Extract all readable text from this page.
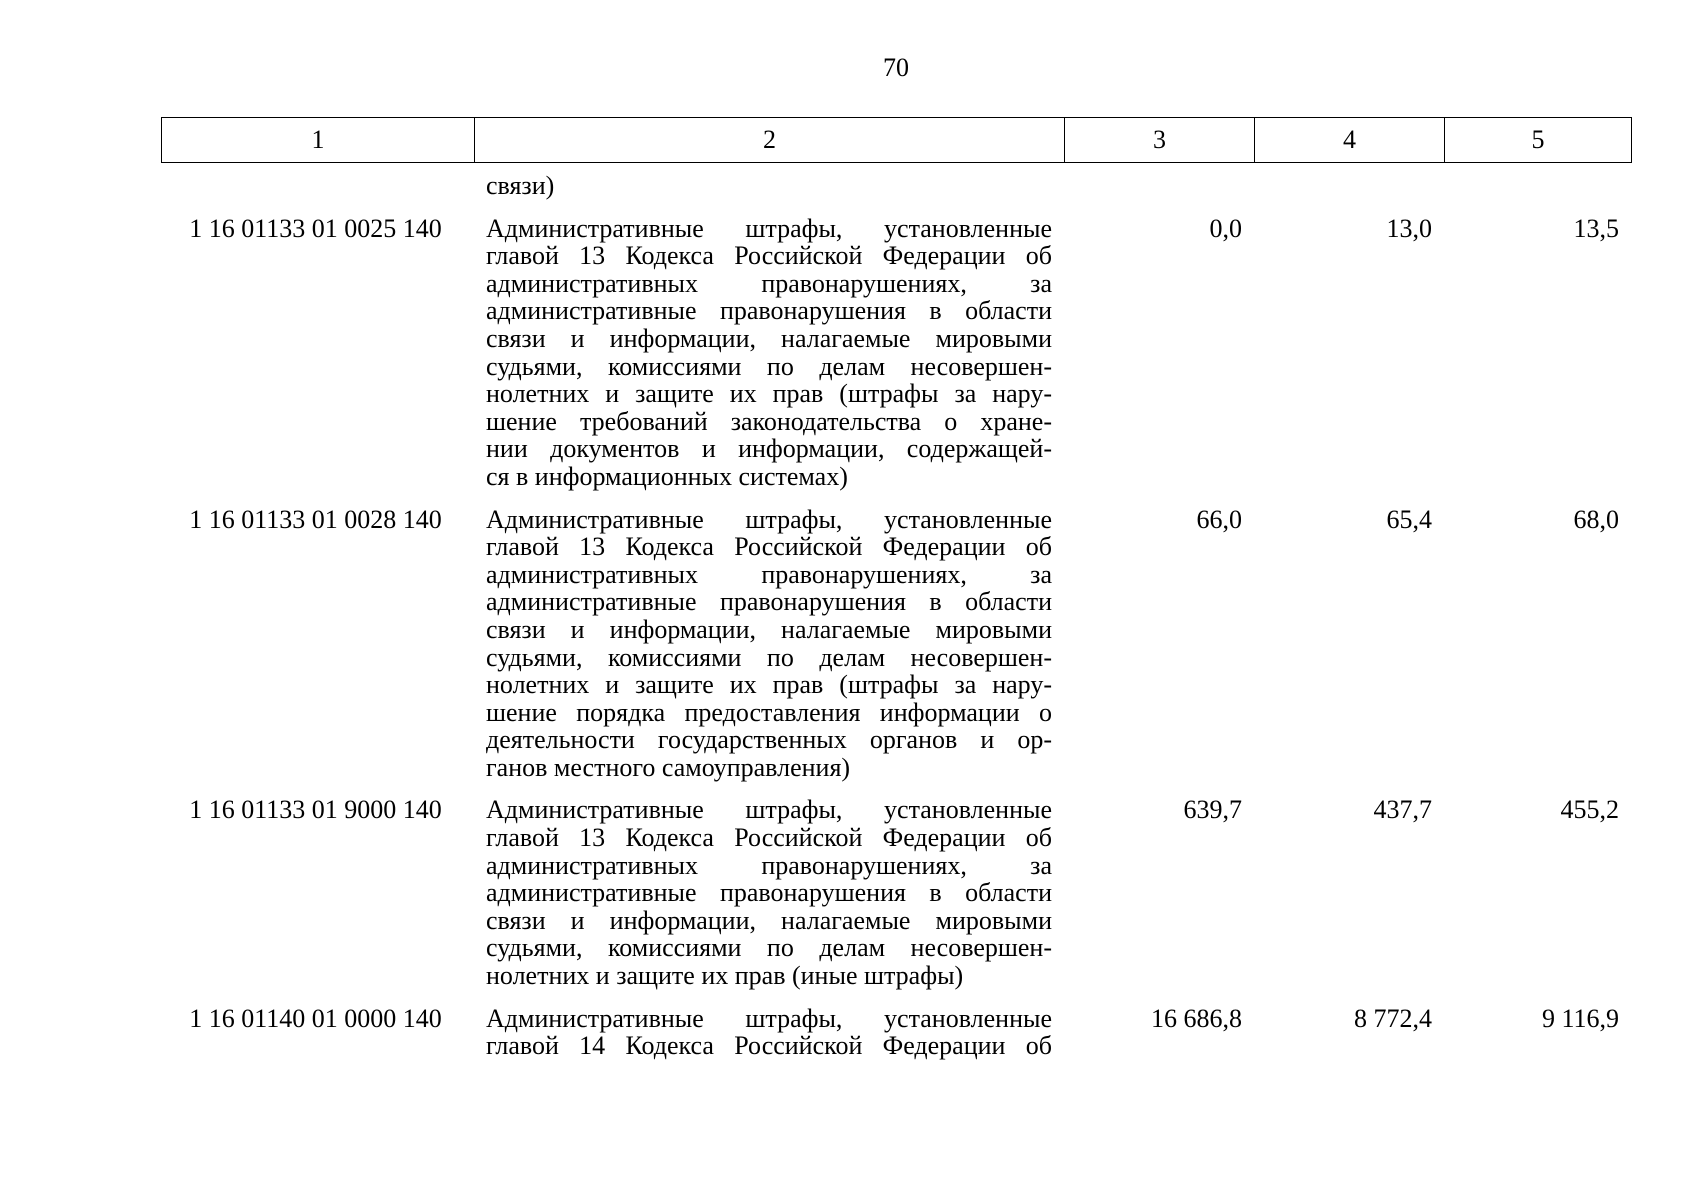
70
1	2	3	4	5
связи)
1 16 01133 01 0025 140	Административные штрафы, установленные
главой 13 Кодекса Российской Федерации об
административных правонарушениях, за
административные правонарушения в области
связи и информации, налагаемые мировыми
судьями, комиссиями по делам несовершен-
нолетних и защите их прав (штрафы за нару-
шение требований законодательства о хране-
нии документов и информации, содержащей-
ся в информационных системах)
0,0	13,0	13,5
1 16 01133 01 0028 140	Административные штрафы, установленные
главой 13 Кодекса Российской Федерации об
административных правонарушениях, за
административные правонарушения в области
связи и информации, налагаемые мировыми
судьями, комиссиями по делам несовершен-
нолетних и защите их прав (штрафы за нару-
шение порядка предоставления информации о
деятельности государственных органов и ор-
ганов местного самоуправления)
66,0	65,4	68,0
1 16 01133 01 9000 140	Административные штрафы, установленные
главой 13 Кодекса Российской Федерации об
административных правонарушениях, за
административные правонарушения в области
связи и информации, налагаемые мировыми
судьями, комиссиями по делам несовершен-
нолетних и защите их прав (иные штрафы)
639,7	437,7	455,2
1 16 01140 01 0000 140	Административные штрафы, установленные
главой 14 Кодекса Российской Федерации об
16 686,8	8 772,4	9 116,9
